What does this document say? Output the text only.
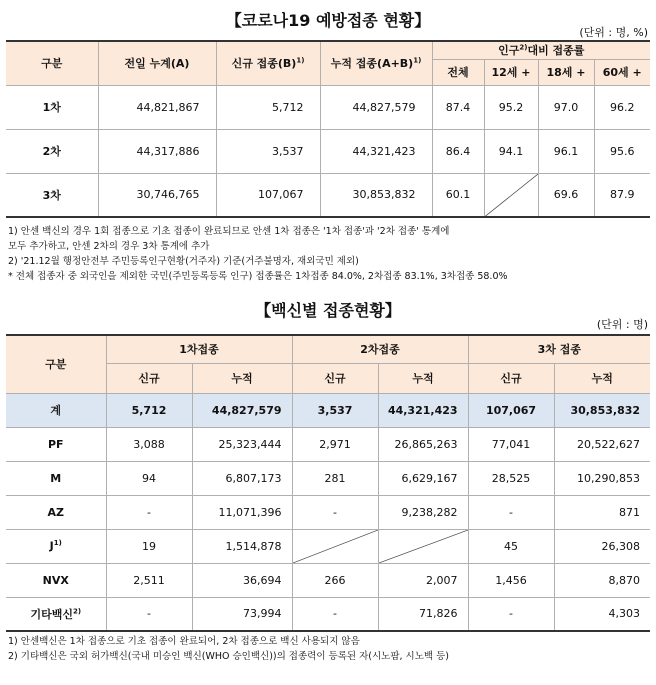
【코로나19 예방접종 현황】
(단위 : 명, %)
구분	전일 누계(A)	신규 접종$(B)^{1)}$	누적 접종$(A+B)^{1)}$	인구$^{2)}$대비 접종률			
				전체	12세 +	18세 +	60세 +
1차	44,821,867	5,712	44,827,579	87.4	95.2	97.0	96.2
2차	44,317,886	3,537	44,321,423	86.4	94.1	96.1	95.6
3차	30,746,765	107,067	30,853,832	60.1		69.6	87.9
1) 안센 백신의 경우 1회 접종으로 기초 접종이 완료되므로 안센 1차 접종은 '1차 접종'과 '2차 접종' 통계에
모두 추가하고, 안센 2차의 경우 3차 통계에 추가
2) '21.12월 행정안전부 주민등록인구현황(거주자) 기준(거주불명자, 재외국민 제외)
* 전체 접종자 중 외국인을 제외한 국민(주민등록등록 인구) 접종률은 1차접종 84.0%, 2차접종 83.1%, 3차접종 58.0%
【백신별 접종현황】
(단위 : 명)
구분	1차접종		2차접종		3차 접종	
	신규	누적	신규	누적	신규	누적
계	5,712	44,827,579	3,537	44,321,423	107,067	30,853,832
PF	3,088	25,323,444	2,971	26,865,263	77,041	20,522,627
M	94	6,807,173	281	6,629,167	28,525	10,290,853
AZ	-	11,071,396	-	9,238,282	-	871
$J^{1)}$	19	1,514,878			45	26,308
NVX	2,511	36,694	266	2,007	1,456	8,870
기타백신$^{2)}$	-	73,994	-	71,826	-	4,303
1) 안센백신은 1차 접종으로 기초 접종이 완료되어, 2차 접종으로 백신 사용되지 않음
2) 기타백신은 국외 허가백신(국내 미승인 백신(WHO 승인백신))의 접종력이 등록된 자(시노팜, 시노백 등)
